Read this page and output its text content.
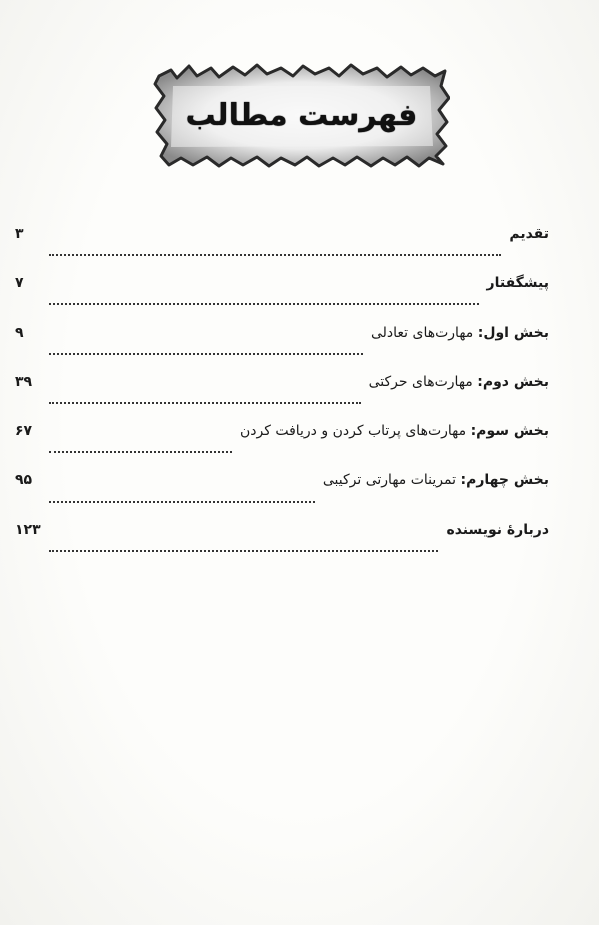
فهرست مطالب
تقدیم
۳
پیشگفتار
۷
بخش اول: مهارت‌های تعادلی
۹
بخش دوم: مهارت‌های حرکتی
۳۹
بخش سوم: مهارت‌های پرتاب کردن و دریافت کردن
۶۷
بخش چهارم: تمرینات مهارتی ترکیبی
۹۵
دربارهٔ نویسنده
۱۲۳
